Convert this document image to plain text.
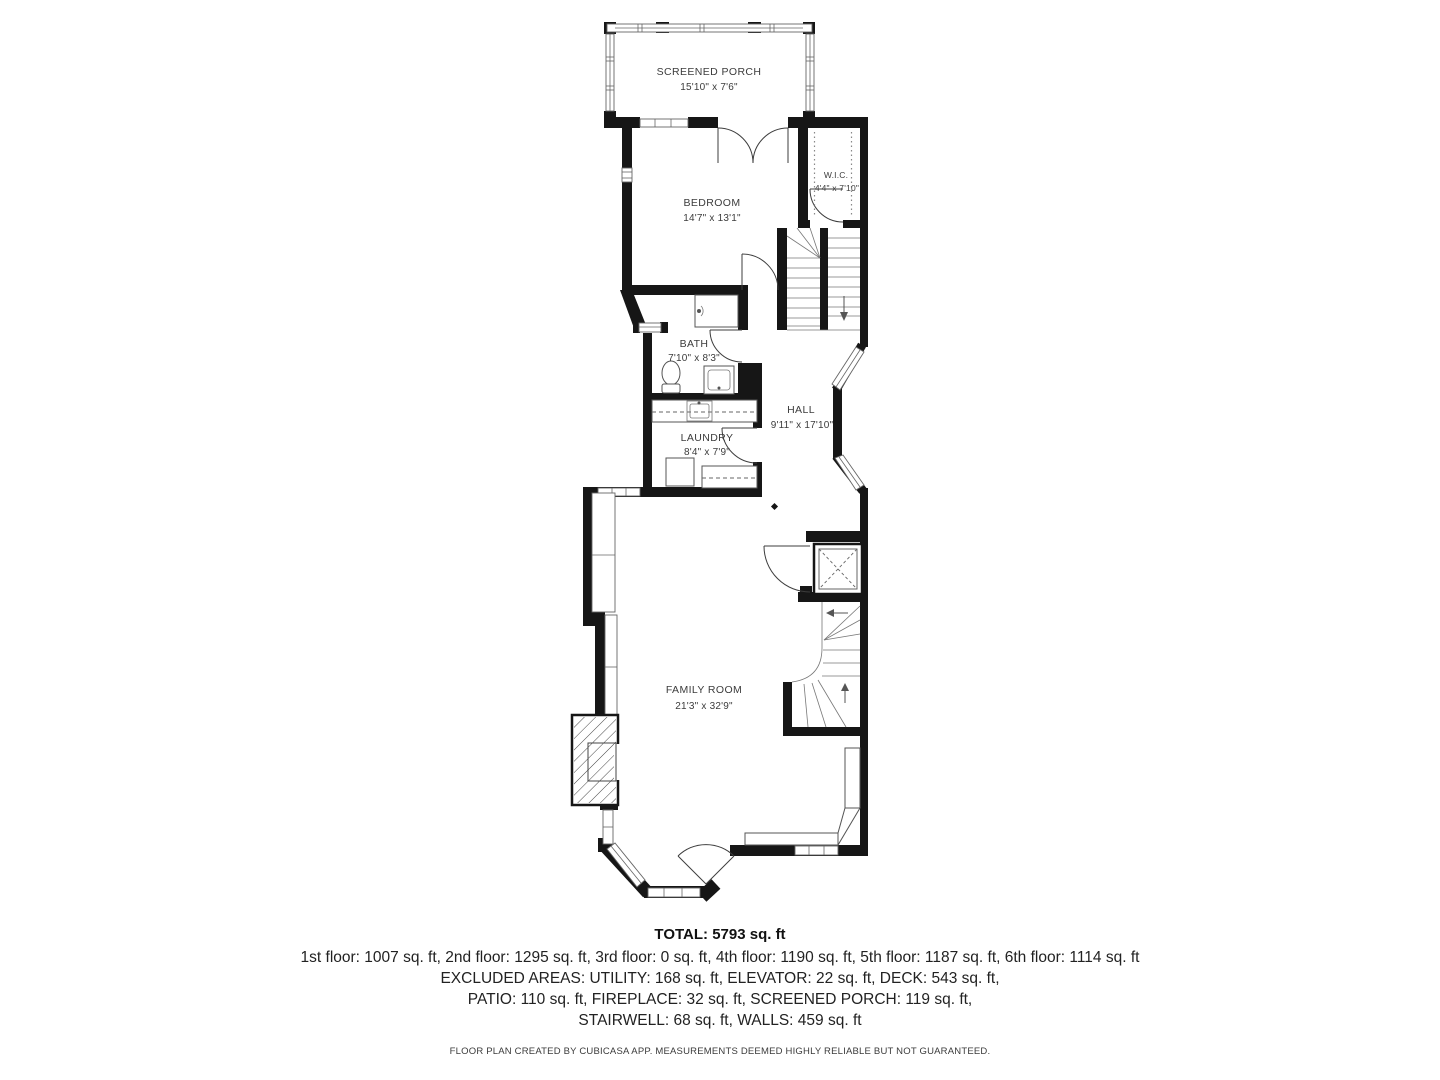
SCREENED PORCH
15'10" x 7'6"
BEDROOM
14'7" x 13'1"
W.I.C.
4'4" x 7'10"
BATH
7'10" x 8'3"
LAUNDRY
8'4" x 7'9"
HALL
9'11" x 17'10"
FAMILY ROOM
21'3" x 32'9"
TOTAL: 5793 sq. ft
1st floor: 1007 sq. ft, 2nd floor: 1295 sq. ft, 3rd floor: 0 sq. ft, 4th floor: 1190 sq. ft, 5th floor: 1187 sq. ft, 6th floor: 1114 sq. ft
EXCLUDED AREAS: UTILITY: 168 sq. ft, ELEVATOR: 22 sq. ft, DECK: 543 sq. ft,
PATIO: 110 sq. ft, FIREPLACE: 32 sq. ft, SCREENED PORCH: 119 sq. ft,
STAIRWELL: 68 sq. ft, WALLS: 459 sq. ft
FLOOR PLAN CREATED BY CUBICASA APP. MEASUREMENTS DEEMED HIGHLY RELIABLE BUT NOT GUARANTEED.
